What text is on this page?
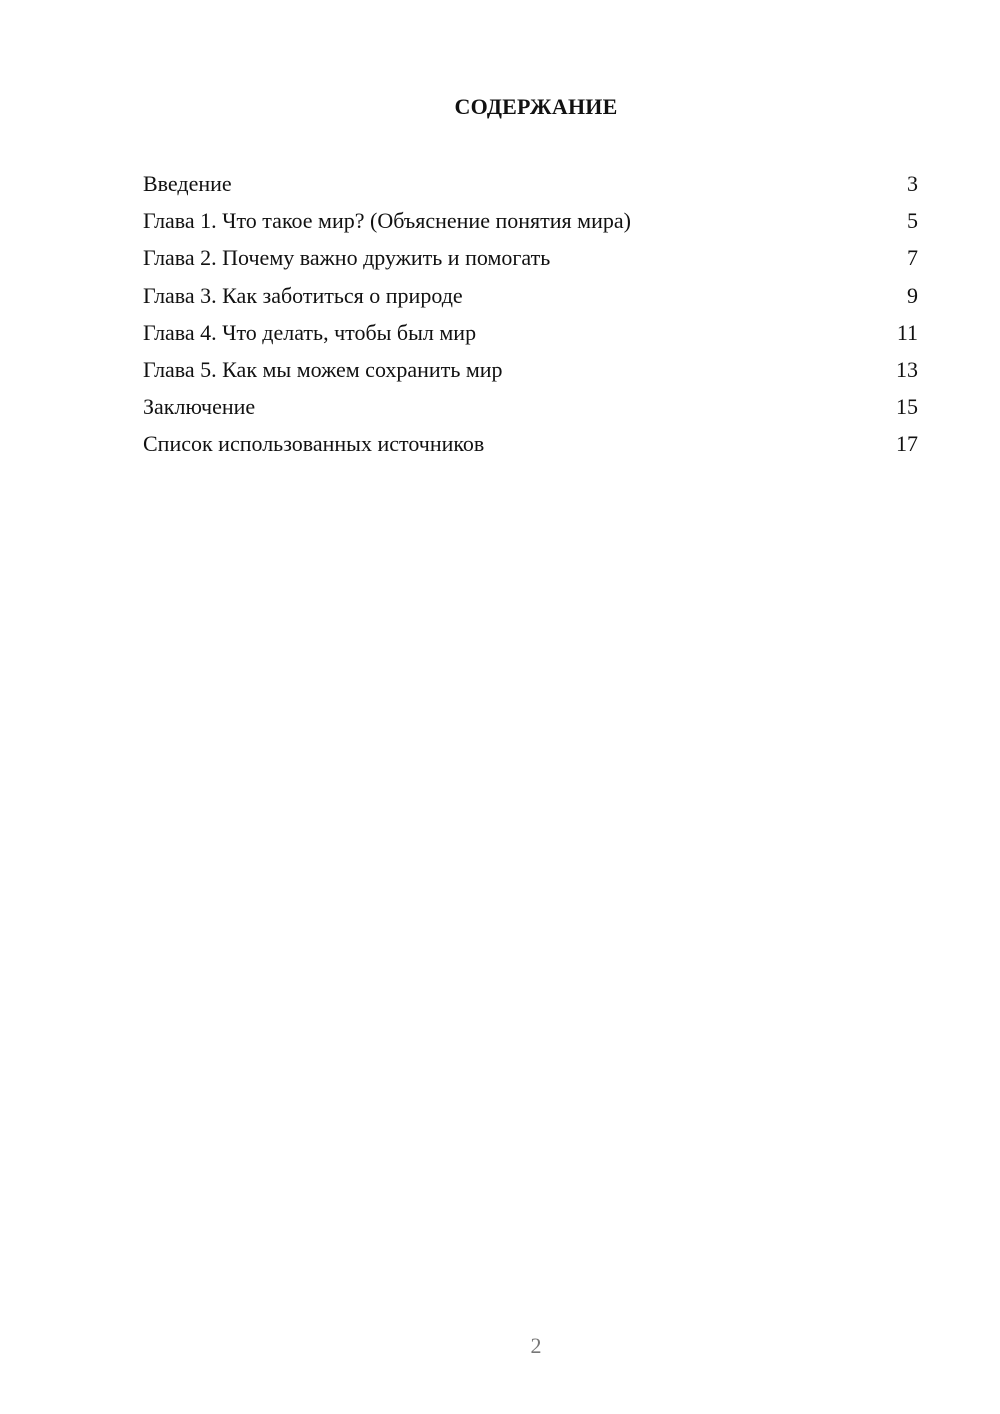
СОДЕРЖАНИЕ
Введение	3
Глава 1. Что такое мир? (Объяснение понятия мира)	5
Глава 2. Почему важно дружить и помогать	7
Глава 3. Как заботиться о природе	9
Глава 4. Что делать, чтобы был мир	11
Глава 5. Как мы можем сохранить мир	13
Заключение	15
Список использованных источников	17
2
